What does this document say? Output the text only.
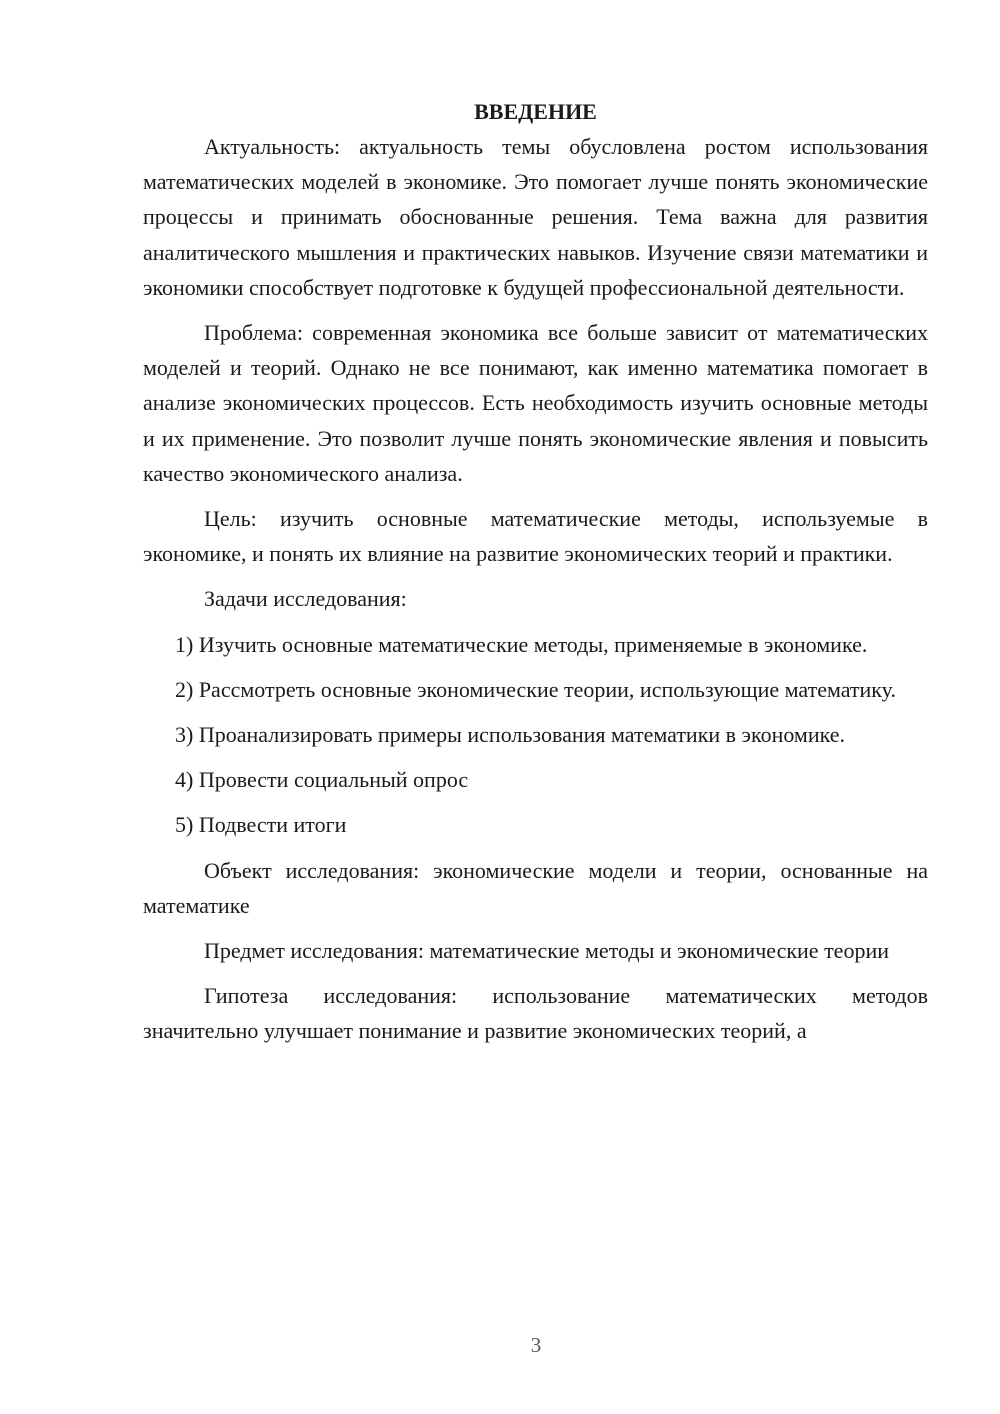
ВВЕДЕНИЕ

Актуальность: актуальность темы обусловлена ростом использования математических моделей в экономике. Это помогает лучше понять экономические процессы и принимать обоснованные решения. Тема важна для развития аналитического мышления и практических навыков. Изучение связи математики и экономики способствует подготовке к будущей профессиональной деятельности.

Проблема: современная экономика все больше зависит от математических моделей и теорий. Однако не все понимают, как именно математика помогает в анализе экономических процессов. Есть необходимость изучить основные методы и их применение. Это позволит лучше понять экономические явления и повысить качество экономического анализа.

Цель: изучить основные математические методы, используемые в экономике, и понять их влияние на развитие экономических теорий и практики.

Задачи исследования:

1) Изучить основные математические методы, применяемые в экономике.

2) Рассмотреть основные экономические теории, использующие математику.

3) Проанализировать примеры использования математики в экономике.

4) Провести социальный опрос

5) Подвести итоги

Объект исследования: экономические модели и теории, основанные на математике

Предмет исследования: математические методы и экономические теории

Гипотеза исследования: использование математических методов значительно улучшает понимание и развитие экономических теорий, а

3
